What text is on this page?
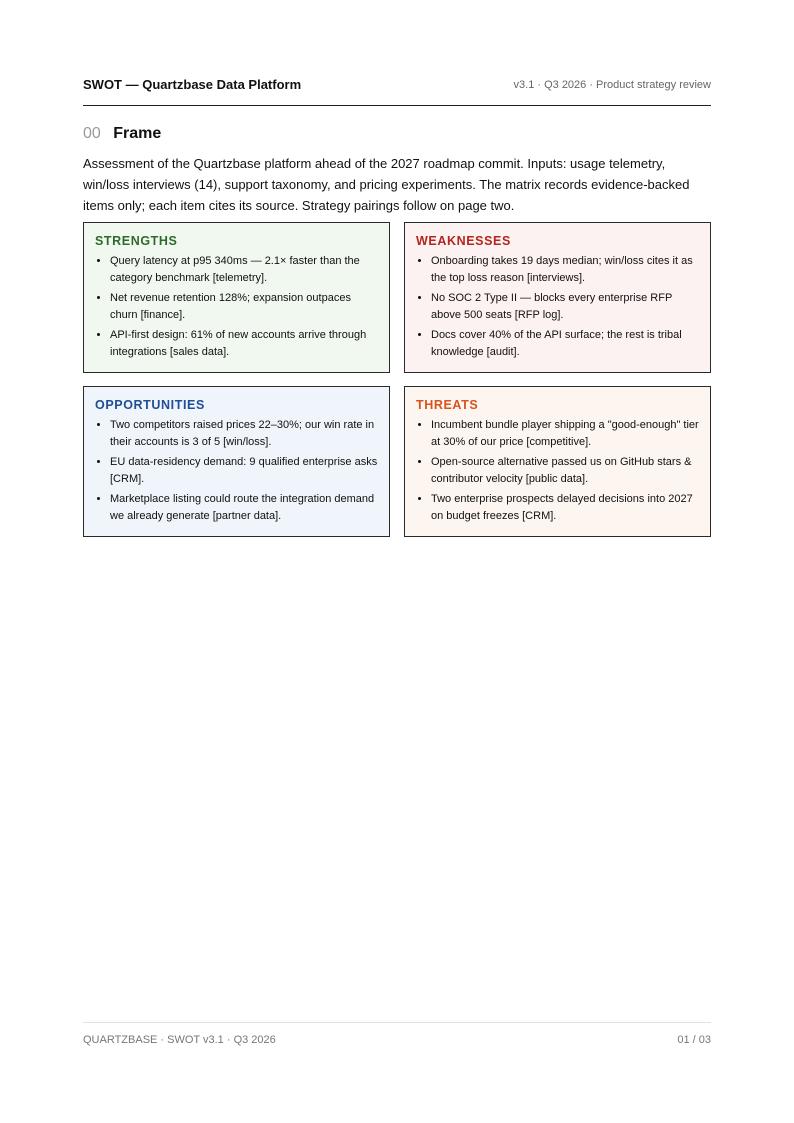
SWOT — Quartzbase Data Platform	v3.1 · Q3 2026 · Product strategy review
00 Frame

Assessment of the Quartzbase platform ahead of the 2027 roadmap commit. Inputs: usage telemetry, win/loss interviews (14), support taxonomy, and pricing experiments. The matrix records evidence-backed items only; each item cites its source. Strategy pairings follow on page two.

STRENGTHS
• Query latency at p95 340ms — 2.1× faster than the category benchmark [telemetry].
• Net revenue retention 128%; expansion outpaces churn [finance].
• API-first design: 61% of new accounts arrive through integrations [sales data].
WEAKNESSES
• Onboarding takes 19 days median; win/loss cites it as the top loss reason [interviews].
• No SOC 2 Type II — blocks every enterprise RFP above 500 seats [RFP log].
• Docs cover 40% of the API surface; the rest is tribal knowledge [audit].
OPPORTUNITIES
• Two competitors raised prices 22–30%; our win rate in their accounts is 3 of 5 [win/loss].
• EU data-residency demand: 9 qualified enterprise asks [CRM].
• Marketplace listing could route the integration demand we already generate [partner data].
THREATS
• Incumbent bundle player shipping a "good-enough" tier at 30% of our price [competitive].
• Open-source alternative passed us on GitHub stars & contributor velocity [public data].
• Two enterprise prospects delayed decisions into 2027 on budget freezes [CRM].
QUARTZBASE · SWOT v3.1 · Q3 2026	01 / 03
